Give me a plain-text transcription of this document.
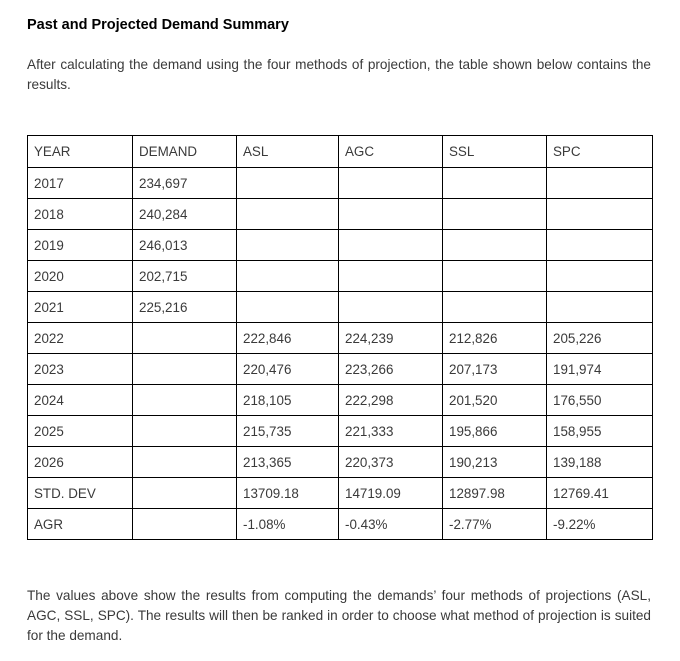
Past and Projected Demand Summary
After calculating the demand using the four methods of projection, the table shown below contains the results.
YEAR	DEMAND	ASL	AGC	SSL	SPC
2017	234,697				
2018	240,284				
2019	246,013				
2020	202,715				
2021	225,216				
2022		222,846	224,239	212,826	205,226
2023		220,476	223,266	207,173	191,974
2024		218,105	222,298	201,520	176,550
2025		215,735	221,333	195,866	158,955
2026		213,365	220,373	190,213	139,188
STD. DEV		13709.18	14719.09	12897.98	12769.41
AGR		-1.08%	-0.43%	-2.77%	-9.22%
The values above show the results from computing the demands’ four methods of projections (ASL, AGC, SSL, SPC). The results will then be ranked in order to choose what method of projection is suited for the demand.
